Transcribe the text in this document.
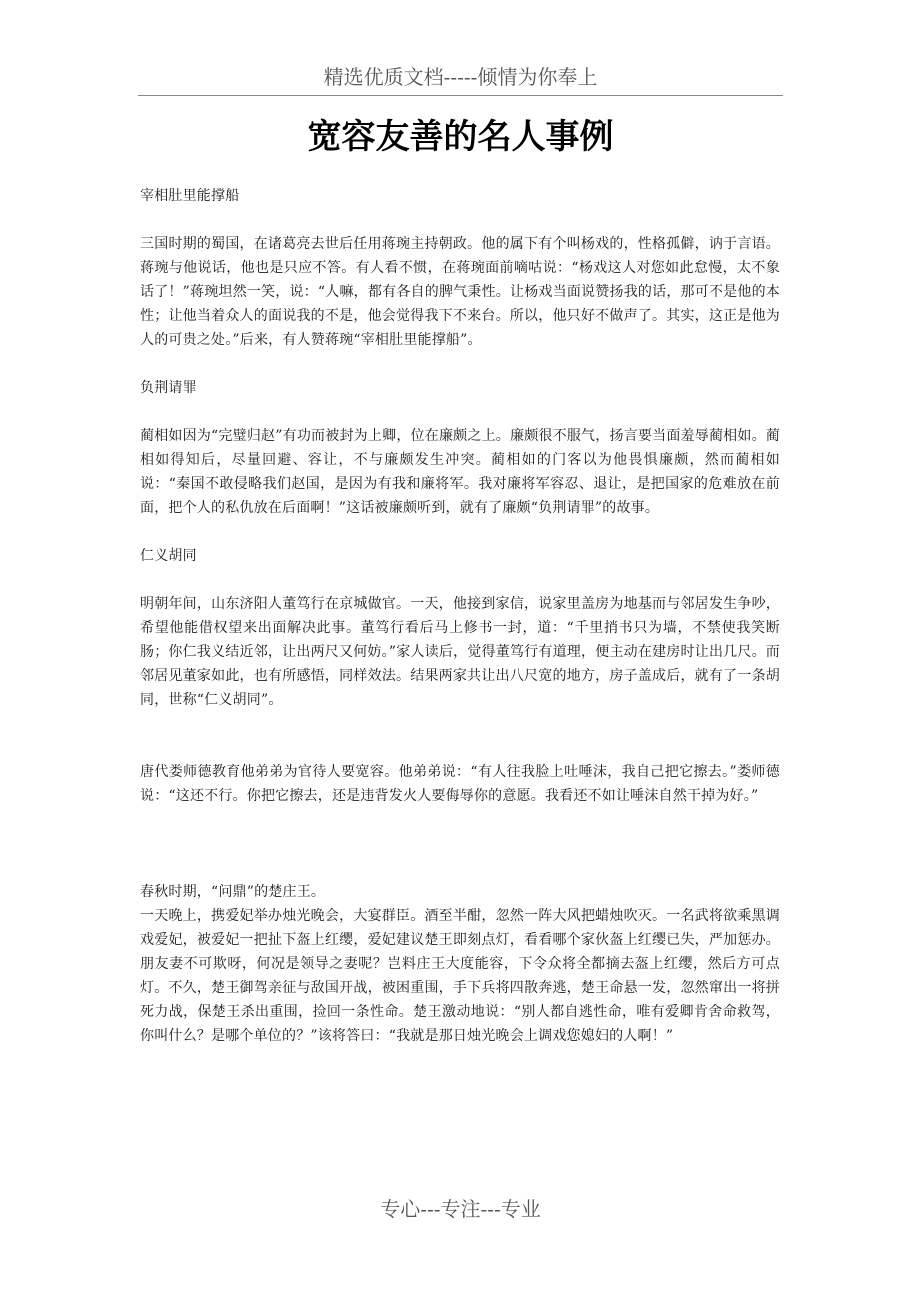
精选优质文档-----倾情为你奉上
宽容友善的名人事例

宰相肚里能撑船

三国时期的蜀国，在诸葛亮去世后任用蒋琬主持朝政。他的属下有个叫杨戏的，性格孤僻，讷于言语。蒋琬与他说话，他也是只应不答。有人看不惯，在蒋琬面前嘀咕说：“杨戏这人对您如此怠慢，太不象话了！”蒋琬坦然一笑，说：“人嘛，都有各自的脾气秉性。让杨戏当面说赞扬我的话，那可不是他的本性；让他当着众人的面说我的不是，他会觉得我下不来台。所以，他只好不做声了。其实，这正是他为人的可贵之处。”后来，有人赞蒋琬“宰相肚里能撑船”。

负荆请罪

蔺相如因为“完璧归赵”有功而被封为上卿，位在廉颇之上。廉颇很不服气，扬言要当面羞辱蔺相如。蔺相如得知后，尽量回避、容让，不与廉颇发生冲突。蔺相如的门客以为他畏惧廉颇，然而蔺相如说：“秦国不敢侵略我们赵国，是因为有我和廉将军。我对廉将军容忍、退让，是把国家的危难放在前面，把个人的私仇放在后面啊！”这话被廉颇听到，就有了廉颇“负荆请罪”的故事。

仁义胡同

明朝年间，山东济阳人董笃行在京城做官。一天，他接到家信，说家里盖房为地基而与邻居发生争吵，希望他能借权望来出面解决此事。董笃行看后马上修书一封，道：“千里捎书只为墙，不禁使我笑断肠；你仁我义结近邻，让出两尺又何妨。”家人读后，觉得董笃行有道理，便主动在建房时让出几尺。而邻居见董家如此，也有所感悟，同样效法。结果两家共让出八尺宽的地方，房子盖成后，就有了一条胡同，世称“仁义胡同”。

唐代娄师德教育他弟弟为官待人要宽容。他弟弟说：“有人往我脸上吐唾沫，我自己把它擦去。”娄师德说：“这还不行。你把它擦去，还是违背发火人要侮辱你的意愿。我看还不如让唾沫自然干掉为好。”

春秋时期，“问鼎”的楚庄王。

一天晚上，携爱妃举办烛光晚会，大宴群臣。酒至半酣，忽然一阵大风把蜡烛吹灭。一名武将欲乘黑调戏爱妃，被爱妃一把扯下盔上红缨，爱妃建议楚王即刻点灯，看看哪个家伙盔上红缨已失，严加惩办。朋友妻不可欺呀，何况是领导之妻呢？岂料庄王大度能容，下令众将全都摘去盔上红缨，然后方可点灯。不久，楚王御驾亲征与敌国开战，被困重围，手下兵将四散奔逃，楚王命悬一发，忽然窜出一将拼死力战，保楚王杀出重围，捡回一条性命。楚王激动地说：“别人都自逃性命，唯有爱卿肯舍命救驾，你叫什么？是哪个单位的？”该将答曰：“我就是那日烛光晚会上调戏您媳妇的人啊！”

专心---专注---专业
